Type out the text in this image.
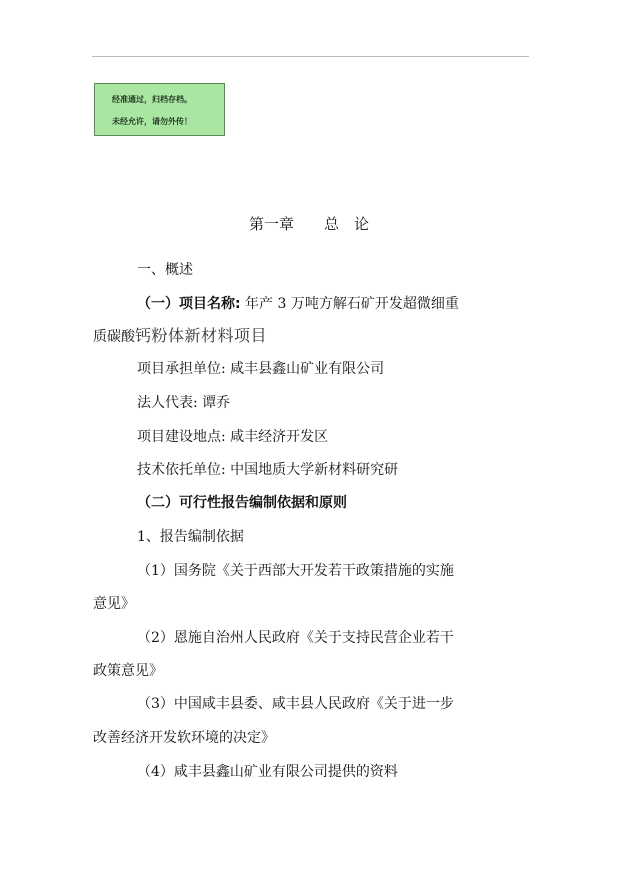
经准通过，归档存档。
未经允许，请勿外传！
第一章　　总　论
一、概述
（一）项目名称: 年产 3 万吨方解石矿开发超微细重
质碳酸钙粉体新材料项目
项目承担单位: 咸丰县鑫山矿业有限公司
法人代表: 谭乔
项目建设地点: 咸丰经济开发区
技术依托单位: 中国地质大学新材料研究研
（二）可行性报告编制依据和原则
1、报告编制依据
（1）国务院《关于西部大开发若干政策措施的实施
意见》
（2）恩施自治州人民政府《关于支持民营企业若干
政策意见》
（3）中国咸丰县委、咸丰县人民政府《关于进一步
改善经济开发软环境的决定》
（4）咸丰县鑫山矿业有限公司提供的资料
